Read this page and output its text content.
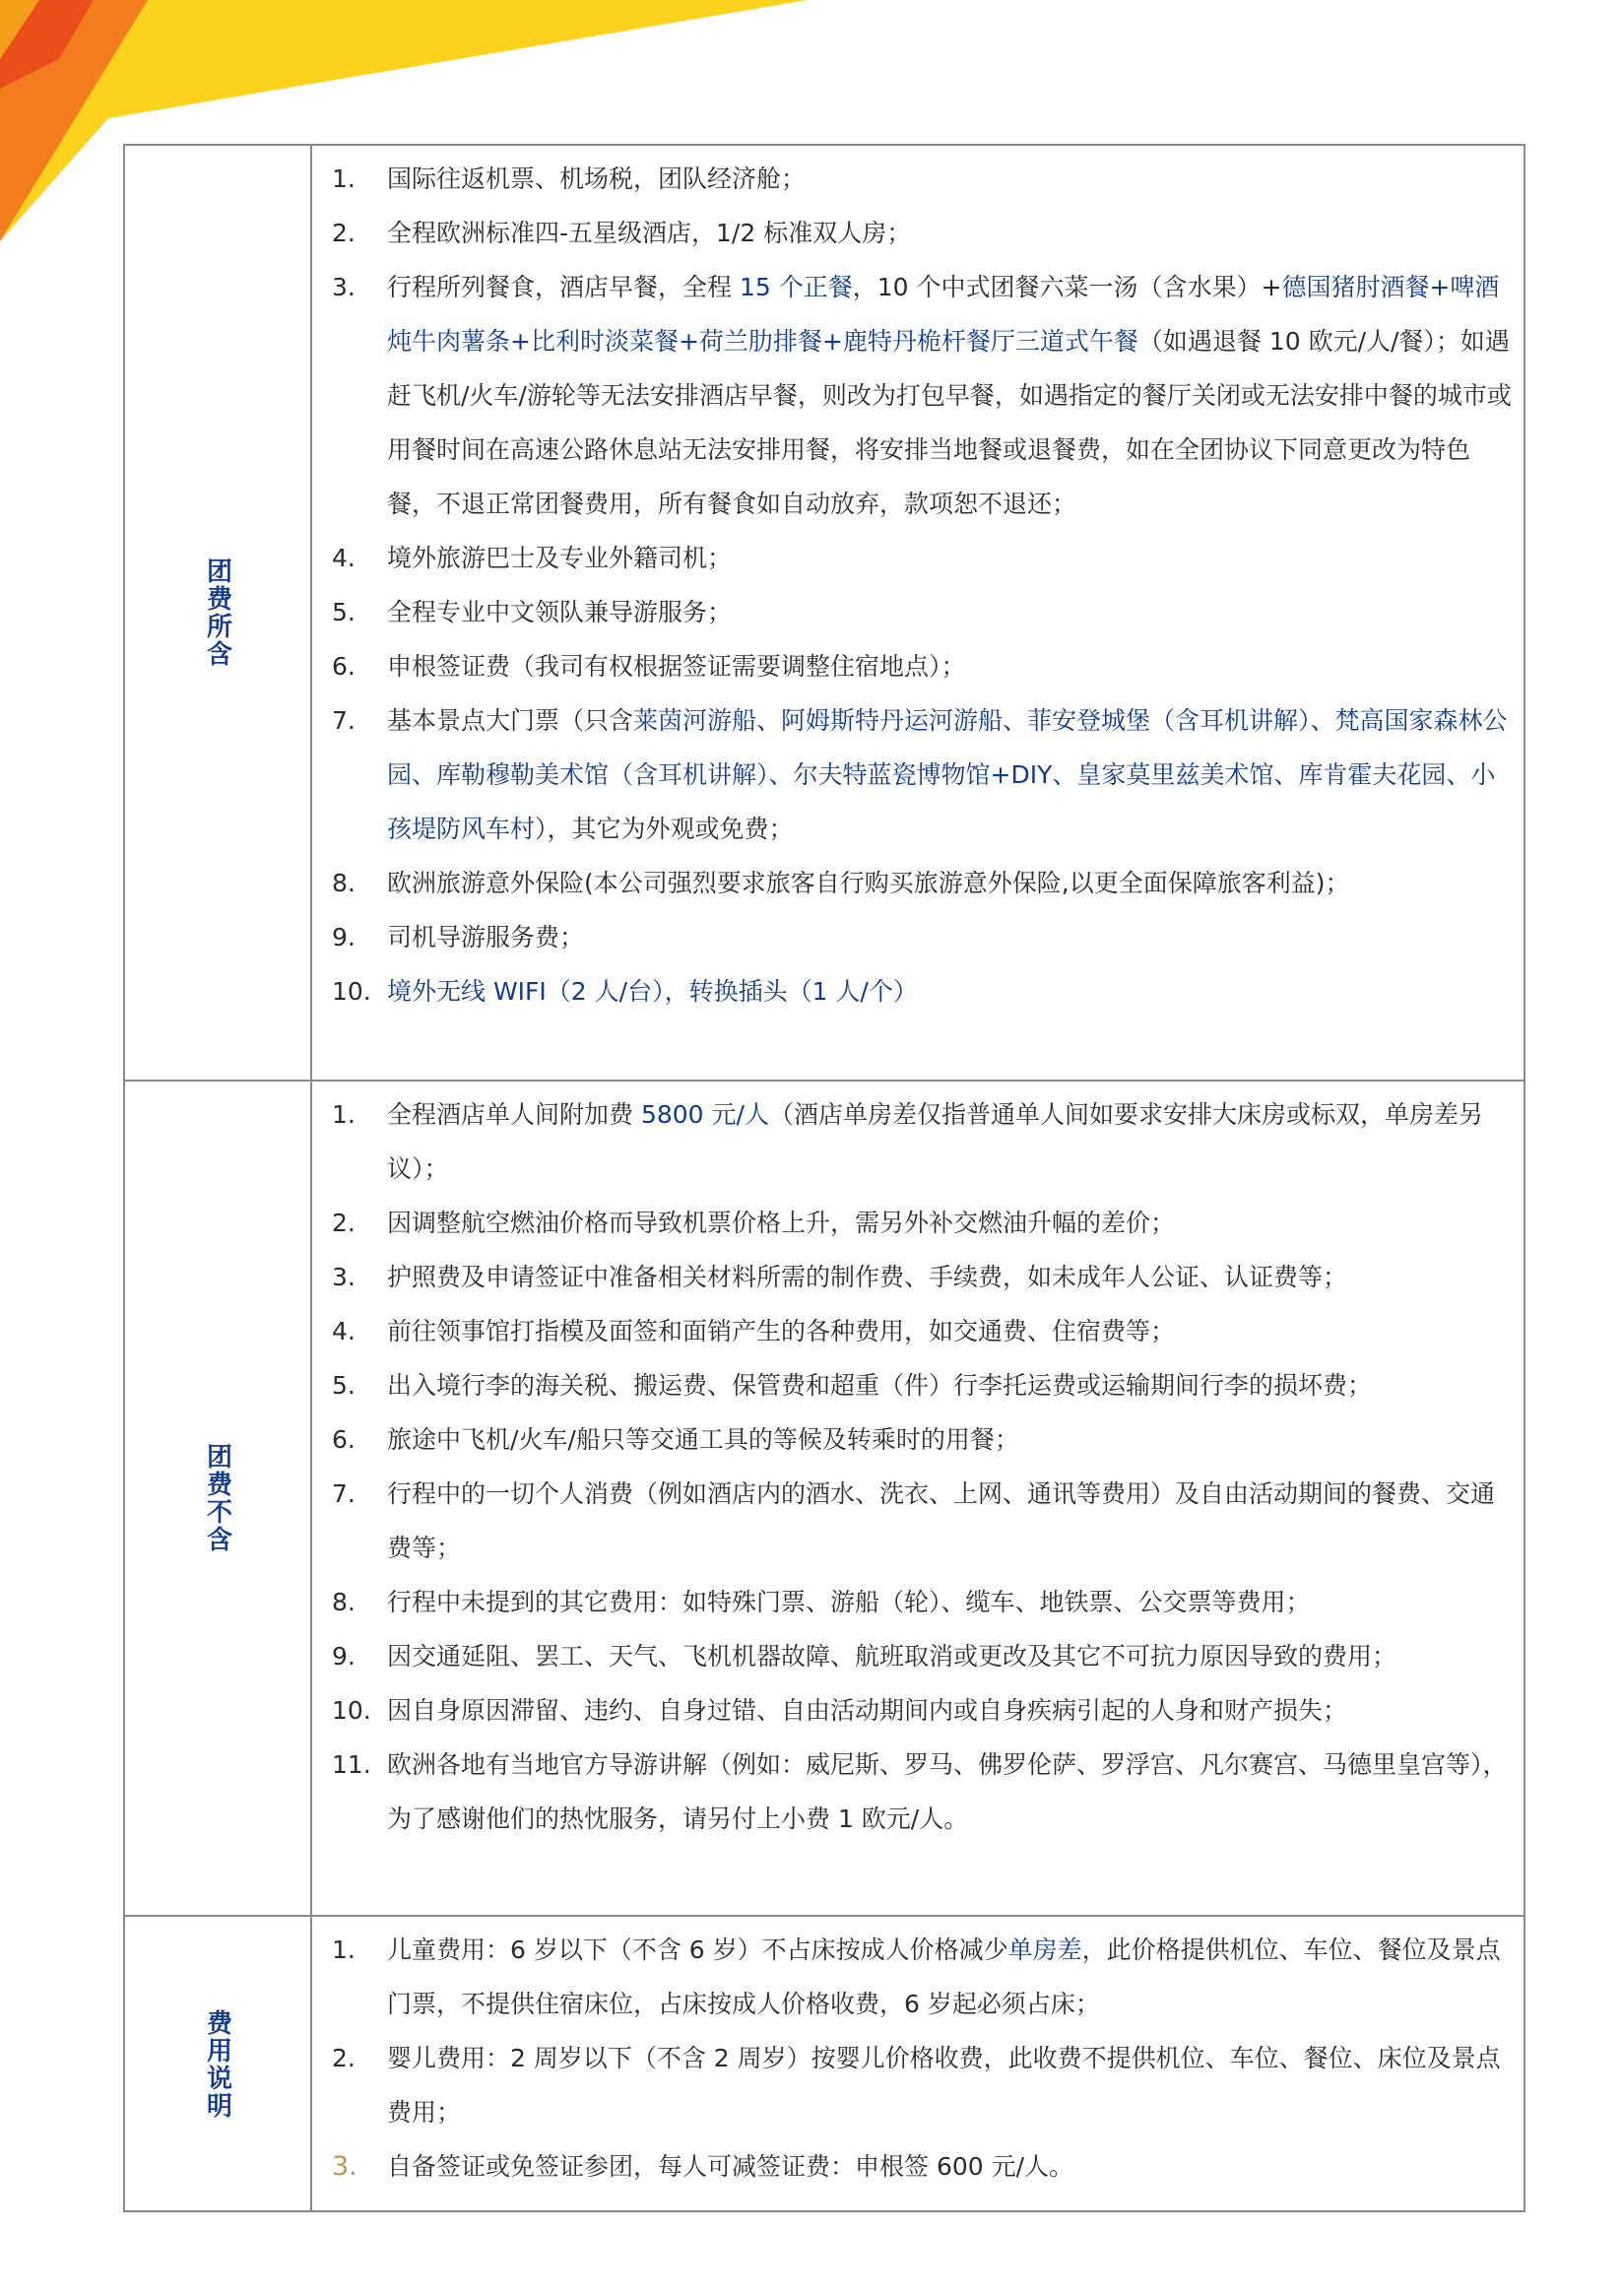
团费所含
1.	国际往返机票、机场税，团队经济舱；
2.	全程欧洲标准四-五星级酒店，1/2 标准双人房；
3.	行程所列餐食，酒店早餐，全程 15 个正餐，10 个中式团餐六菜一汤（含水果）+德国猪肘酒餐+啤酒炖牛肉薯条+比利时淡菜餐+荷兰肋排餐+鹿特丹桅杆餐厅三道式午餐（如遇退餐 10 欧元/人/餐）；如遇赶飞机/火车/游轮等无法安排酒店早餐，则改为打包早餐，如遇指定的餐厅关闭或无法安排中餐的城市或用餐时间在高速公路休息站无法安排用餐，将安排当地餐或退餐费，如在全团协议下同意更改为特色餐，不退正常团餐费用，所有餐食如自动放弃，款项恕不退还；
4.	境外旅游巴士及专业外籍司机；
5.	全程专业中文领队兼导游服务；
6.	申根签证费（我司有权根据签证需要调整住宿地点）；
7.	基本景点大门票（只含莱茵河游船、阿姆斯特丹运河游船、菲安登城堡（含耳机讲解）、梵高国家森林公园、库勒穆勒美术馆（含耳机讲解）、尔夫特蓝瓷博物馆+DIY、皇家莫里兹美术馆、库肯霍夫花园、小孩堤防风车村），其它为外观或免费；
8.	欧洲旅游意外保险(本公司强烈要求旅客自行购买旅游意外保险,以更全面保障旅客利益)；
9.	司机导游服务费；
10. 境外无线 WIFI（2 人/台），转换插头（1 人/个）
团费不含
1.	全程酒店单人间附加费 5800 元/人（酒店单房差仅指普通单人间如要求安排大床房或标双，单房差另议）；
2.	因调整航空燃油价格而导致机票价格上升，需另外补交燃油升幅的差价；
3.	护照费及申请签证中准备相关材料所需的制作费、手续费，如未成年人公证、认证费等；
4.	前往领事馆打指模及面签和面销产生的各种费用，如交通费、住宿费等；
5.	出入境行李的海关税、搬运费、保管费和超重（件）行李托运费或运输期间行李的损坏费；
6.	旅途中飞机/火车/船只等交通工具的等候及转乘时的用餐；
7.	行程中的一切个人消费（例如酒店内的酒水、洗衣、上网、通讯等费用）及自由活动期间的餐费、交通费等；
8.	行程中未提到的其它费用：如特殊门票、游船（轮）、缆车、地铁票、公交票等费用；
9.	因交通延阻、罢工、天气、飞机机器故障、航班取消或更改及其它不可抗力原因导致的费用；
10. 因自身原因滞留、违约、自身过错、自由活动期间内或自身疾病引起的人身和财产损失；
11. 欧洲各地有当地官方导游讲解（例如：威尼斯、罗马、佛罗伦萨、罗浮宫、凡尔赛宫、马德里皇宫等），为了感谢他们的热忱服务，请另付上小费 1 欧元/人。
费用说明
1.	儿童费用：6 岁以下（不含 6 岁）不占床按成人价格减少单房差，此价格提供机位、车位、餐位及景点门票，不提供住宿床位，占床按成人价格收费，6 岁起必须占床；
2.	婴儿费用：2 周岁以下（不含 2 周岁）按婴儿价格收费，此收费不提供机位、车位、餐位、床位及景点费用；
3.	自备签证或免签证参团，每人可减签证费：申根签 600 元/人。
